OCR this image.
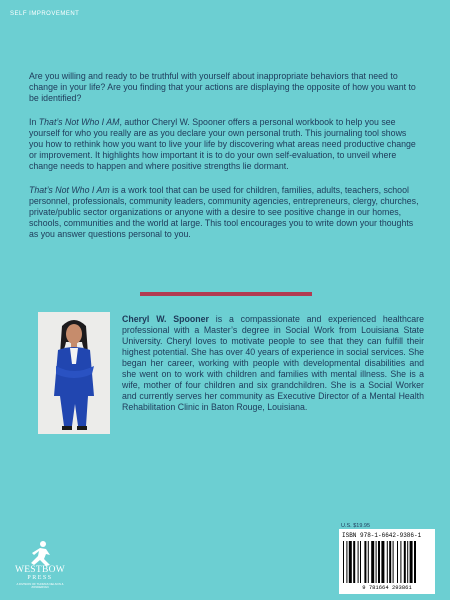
SELF IMPROVEMENT

Are you willing and ready to be truthful with yourself about inappropriate behaviors that need to change in your life? Are you finding that your actions are displaying the opposite of how you want to be identified?

In That’s Not Who I AM, author Cheryl W. Spooner offers a personal workbook to help you see yourself for who you really are as you declare your own personal truth. This journaling tool shows you how to rethink how you want to live your life by discovering what areas need productive change or improvement. It highlights how important it is to do your own self-evaluation, to unveil where change needs to happen and where positive strengths lie dormant.

That’s Not Who I Am is a work tool that can be used for children, families, adults, teachers, school personnel, professionals, community leaders, community agencies, entrepreneurs, clergy, churches, private/public sector organizations or anyone with a desire to see positive change in our homes, schools, communities and the world at large. This tool encourages you to write down your thoughts as you answer questions personal to you.

Cheryl W. Spooner is a compassionate and experienced healthcare professional with a Master’s degree in Social Work from Louisiana State University. Cheryl loves to motivate people to see that they can fulfill their highest potential. She has over 40 years of experience in social services. She began her career, working with people with developmental disabilities and she went on to work with children and families with mental illness. She is a wife, mother of four children and six grandchildren. She is a Social Worker and currently serves her community as Executive Director of a Mental Health Rehabilitation Clinic in Baton Rouge, Louisiana.
U.S. $19.95
ISBN 978-1-6642-9386-1
9 781664 293861
WESTBOW
PRESS
A DIVISION OF THOMAS NELSON & ZONDERVAN
